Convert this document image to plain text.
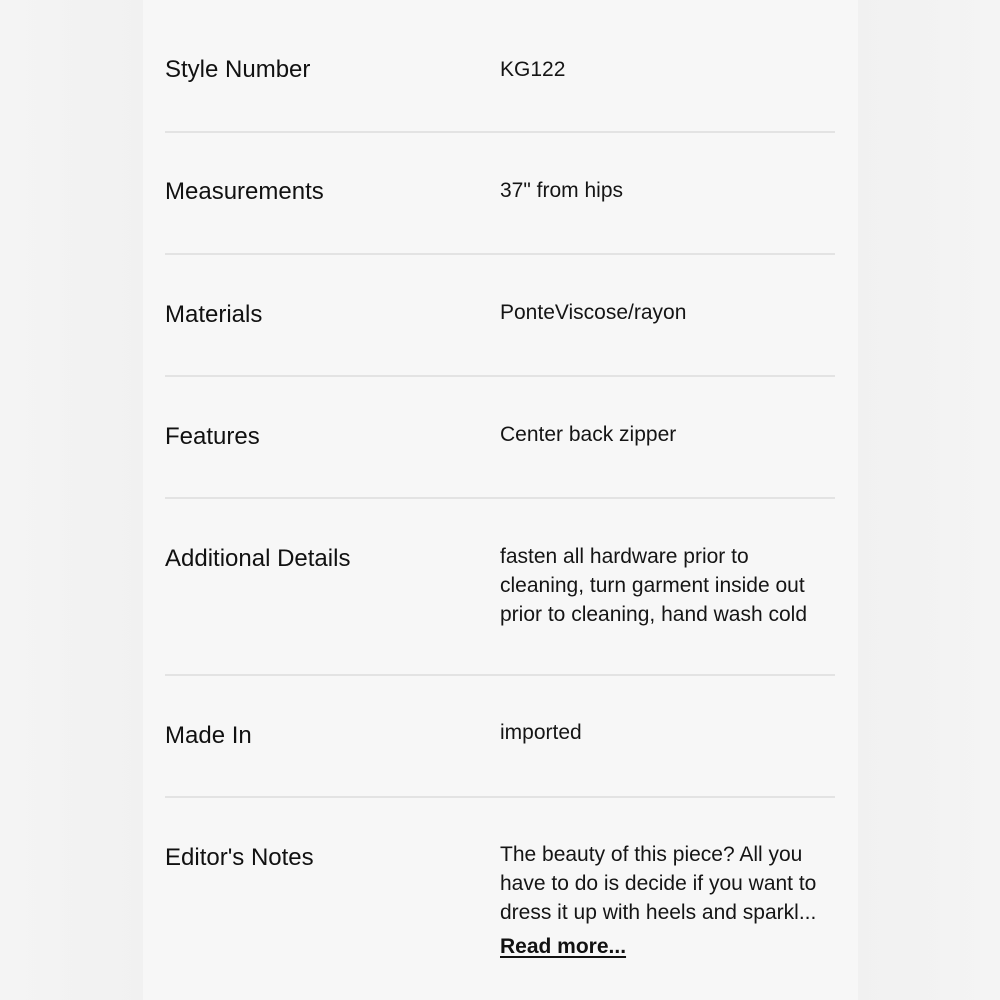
Style Number	KG122
Measurements	37" from hips
Materials	PonteViscose/rayon
Features	Center back zipper
Additional Details	fasten all hardware prior to

cleaning, turn garment inside out

prior to cleaning, hand wash cold

Made In	imported
Editor's Notes	The beauty of this piece? All you

have to do is decide if you want to

dress it up with heels and sparkl...

Read more...
